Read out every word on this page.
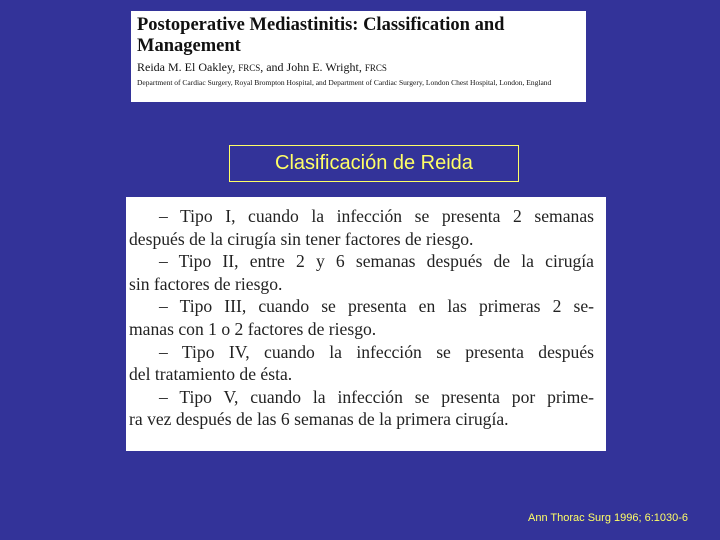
Postoperative Mediastinitis: Classification and Management
Reida M. El Oakley, FRCS, and John E. Wright, FRCS
Department of Cardiac Surgery, Royal Brompton Hospital, and Department of Cardiac Surgery, London Chest Hospital, London, England
Clasificación de Reida
– Tipo I, cuando la infección se presenta 2 semanas
después de la cirugía sin tener factores de riesgo.
– Tipo II, entre 2 y 6 semanas después de la cirugía
sin factores de riesgo.
– Tipo III, cuando se presenta en las primeras 2 se-
manas con 1 o 2 factores de riesgo.
– Tipo IV, cuando la infección se presenta después
del tratamiento de ésta.
– Tipo V, cuando la infección se presenta por prime-
ra vez después de las 6 semanas de la primera cirugía.
Ann Thorac Surg 1996; 6:1030-6
